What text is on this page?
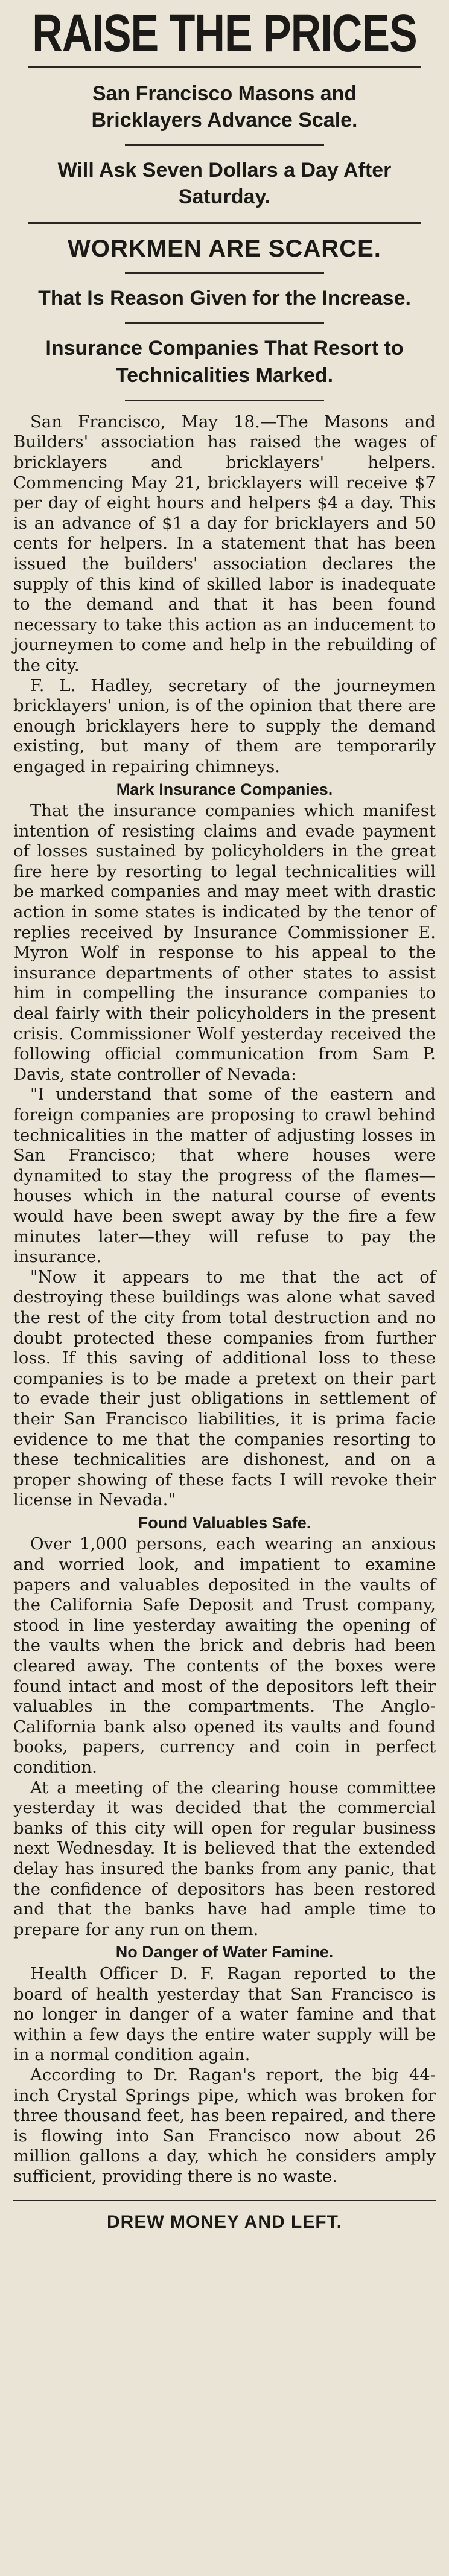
RAISE THE PRICES
San Francisco Masons and Bricklayers Advance Scale.
Will Ask Seven Dollars a Day After Saturday.
WORKMEN ARE SCARCE.
That Is Reason Given for the Increase.
Insurance Companies That Resort to Technicalities Marked.

San Francisco, May 18.—The Masons and Builders' association has raised the wages of bricklayers and bricklayers' helpers. Commencing May 21, bricklayers will receive $7 per day of eight hours and helpers $4 a day. This is an advance of $1 a day for bricklayers and 50 cents for helpers. In a statement that has been issued the builders' association declares the supply of this kind of skilled labor is inadequate to the demand and that it has been found necessary to take this action as an inducement to journeymen to come and help in the rebuilding of the city.

F. L. Hadley, secretary of the journeymen bricklayers' union, is of the opinion that there are enough bricklayers here to supply the demand existing, but many of them are temporarily engaged in repairing chimneys.

Mark Insurance Companies.

That the insurance companies which manifest intention of resisting claims and evade payment of losses sustained by policyholders in the great fire here by resorting to legal technicalities will be marked companies and may meet with drastic action in some states is indicated by the tenor of replies received by Insurance Commissioner E. Myron Wolf in response to his appeal to the insurance departments of other states to assist him in compelling the insurance companies to deal fairly with their policyholders in the present crisis. Commissioner Wolf yesterday received the following official communication from Sam P. Davis, state controller of Nevada:

"I understand that some of the eastern and foreign companies are proposing to crawl behind technicalities in the matter of adjusting losses in San Francisco; that where houses were dynamited to stay the progress of the flames—houses which in the natural course of events would have been swept away by the fire a few minutes later—they will refuse to pay the insurance.

"Now it appears to me that the act of destroying these buildings was alone what saved the rest of the city from total destruction and no doubt protected these companies from further loss. If this saving of additional loss to these companies is to be made a pretext on their part to evade their just obligations in settlement of their San Francisco liabilities, it is prima facie evidence to me that the companies resorting to these technicalities are dishonest, and on a proper showing of these facts I will revoke their license in Nevada."

Found Valuables Safe.

Over 1,000 persons, each wearing an anxious and worried look, and impatient to examine papers and valuables deposited in the vaults of the California Safe Deposit and Trust company, stood in line yesterday awaiting the opening of the vaults when the brick and debris had been cleared away. The contents of the boxes were found intact and most of the depositors left their valuables in the compartments. The Anglo-California bank also opened its vaults and found books, papers, currency and coin in perfect condition.

At a meeting of the clearing house committee yesterday it was decided that the commercial banks of this city will open for regular business next Wednesday. It is believed that the extended delay has insured the banks from any panic, that the confidence of depositors has been restored and that the banks have had ample time to prepare for any run on them.

No Danger of Water Famine.

Health Officer D. F. Ragan reported to the board of health yesterday that San Francisco is no longer in danger of a water famine and that within a few days the entire water supply will be in a normal condition again.

According to Dr. Ragan's report, the big 44-inch Crystal Springs pipe, which was broken for three thousand feet, has been repaired, and there is flowing into San Francisco now about 26 million gallons a day, which he considers amply sufficient, providing there is no waste.

DREW MONEY AND LEFT.
